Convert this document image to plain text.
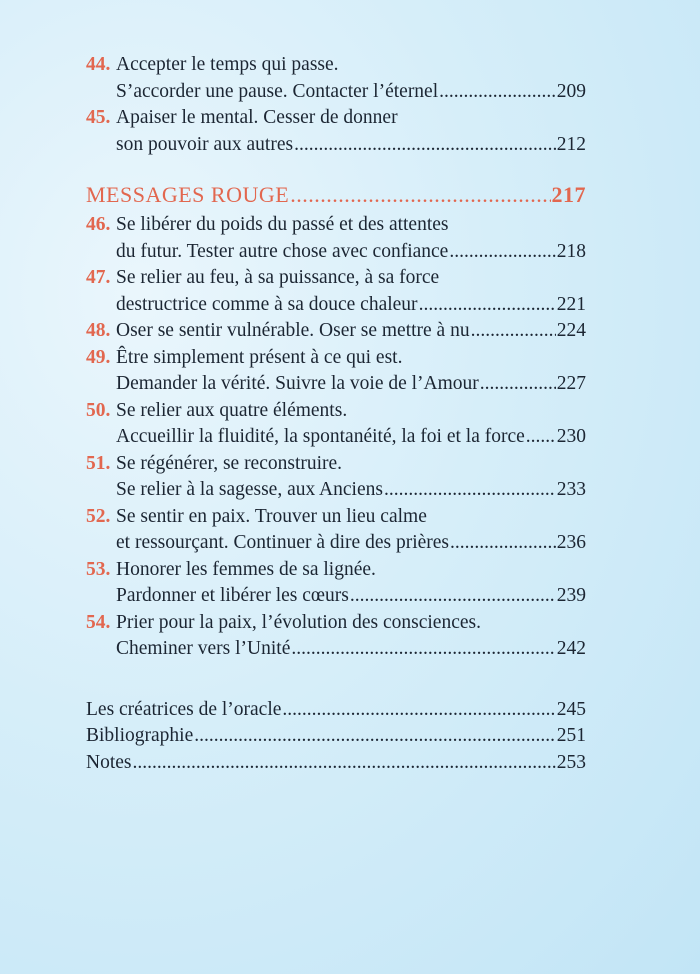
44. Accepter le temps qui passe.
S’accorder une pause. Contacter l’éternel .....	209
45. Apaiser le mental. Cesser de donner
son pouvoir aux autres .....	212
MESSAGES ROUGE .....	217
46. Se libérer du poids du passé et des attentes
du futur. Tester autre chose avec confiance .....	218
47. Se relier au feu, à sa puissance, à sa force
destructrice comme à sa douce chaleur .....	221
48. Oser se sentir vulnérable. Oser se mettre à nu .....	224
49. Être simplement présent à ce qui est.
Demander la vérité. Suivre la voie de l’Amour .....	227
50. Se relier aux quatre éléments.
Accueillir la fluidité, la spontanéité, la foi et la force ..... 230
51. Se régénérer, se reconstruire.
Se relier à la sagesse, aux Anciens .....	233
52. Se sentir en paix. Trouver un lieu calme
et ressourçant. Continuer à dire des prières .....	236
53. Honorer les femmes de sa lignée.
Pardonner et libérer les cœurs .....	239
54. Prier pour la paix, l’évolution des consciences.
Cheminer vers l’Unité .....	242
Les créatrices de l’oracle .....	245
Bibliographie .....	251
Notes .....	253
